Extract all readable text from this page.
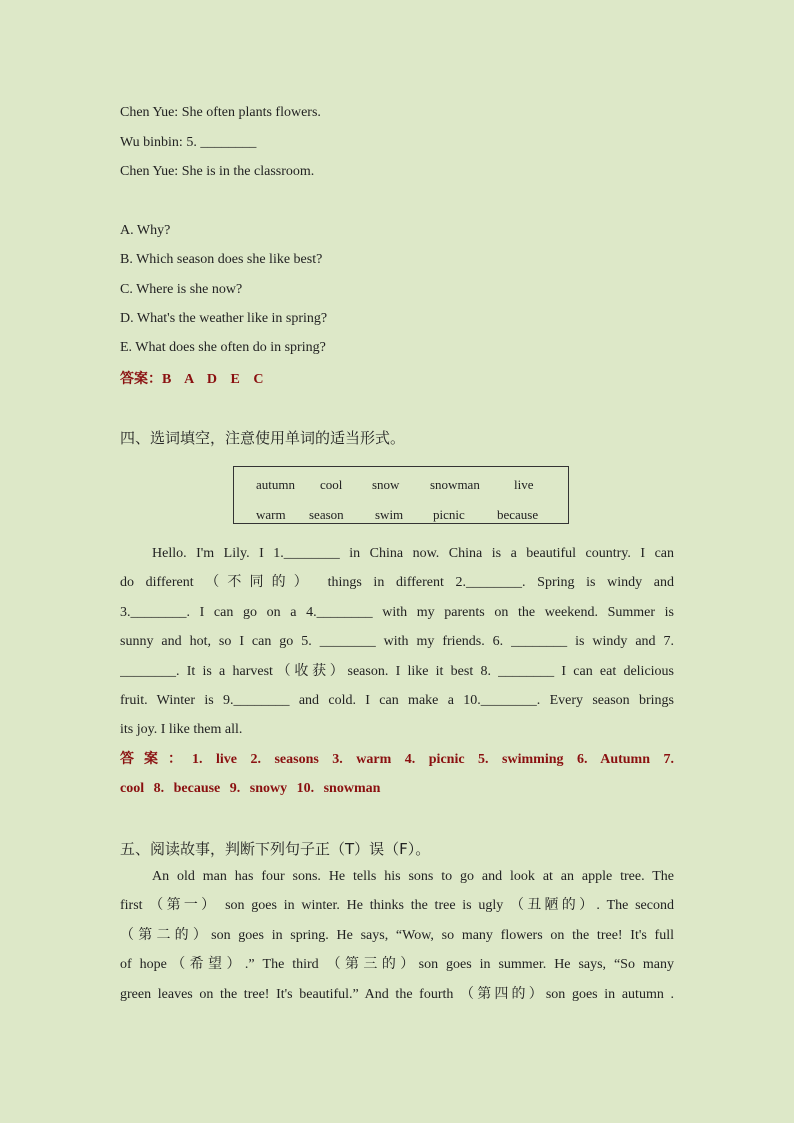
Chen Yue: She often plants flowers.
Wu binbin: 5. ________
Chen Yue: She is in the classroom.
A. Why?
B. Which season does she like best?
C. Where is she now?
D. What's the weather like in spring?
E. What does she often do in spring?
答案：B A D E C
四、选词填空，注意使用单词的适当形式。
autumn cool snow snowman	live
warm season swim picnic because
Hello. I'm Lily. I 1.________ in China now. China is a beautiful country. I can
do different （不同的） things in different 2.________. Spring is windy and
3.________. I can go on a 4.________ with my parents on the weekend. Summer is
sunny and hot, so I can go 5. ________ with my friends. 6. ________ is windy and 7.
________. It is a harvest（收获）season. I like it best 8. ________ I can eat delicious
fruit. Winter is 9.________ and cold. I can make a 10.________. Every season brings
its joy. I like them all.
答案：1. live 2. seasons 3. warm 4. picnic 5. swimming 6. Autumn 7.
cool 8. because 9. snowy 10. snowman
五、阅读故事，判断下列句子正（T）误（F）。
An old man has four sons. He tells his sons to go and look at an apple tree. The
first （第一） son goes in winter. He thinks the tree is ugly （丑陋的）. The second
（第二的）son goes in spring. He says, “Wow, so many flowers on the tree! It's full
of hope（希望）.” The third （第三的）son goes in summer. He says, “So many
green leaves on the tree! It's beautiful.” And the fourth （第四的）son goes in autumn .
